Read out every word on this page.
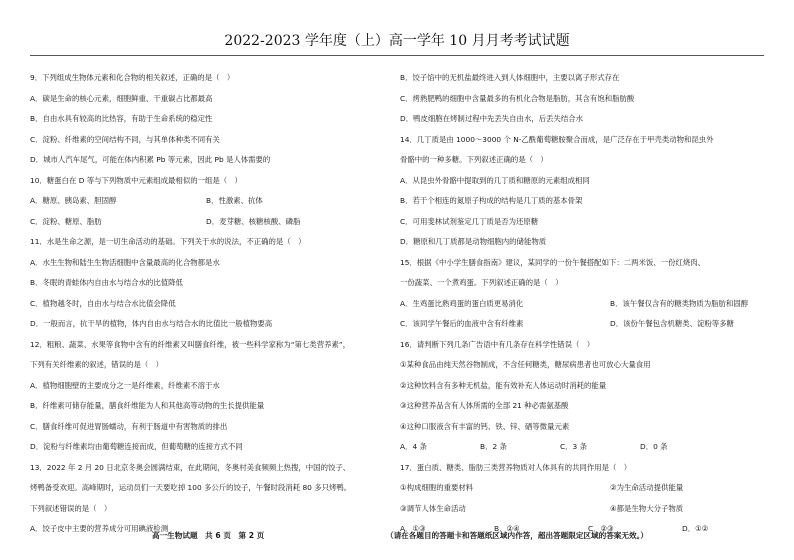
2022-2023 学年度（上）高一学年 10 月月考考试试题
9．下列组成生物体元素和化合物的相关叙述，正确的是（　）
A．碳是生命的核心元素，细胞鲜重、干重碳占比都最高
B．自由水具有较高的比热容，有助于生命系统的稳定性
C．淀粉、纤维素的空间结构不同，与其单体种类不同有关
D．城市人汽车尾气，可能在体内积累 Pb 等元素，因此 Pb 是人体需要的
10．糖蛋白在 D 等与下列物质中元素组成最相似的一组是（　）
A．糖原、胰岛素、胆固醇	B．性激素、抗体
C．淀粉、糖原、脂肪	D．麦芽糖、核糖核酸、磷脂
11．水是生命之源，是一切生命活动的基础。下列关于水的说法，不正确的是（　）
A．水生生物和陆生生物活细胞中含量最高的化合物都是水
B．冬眠的青蛙体内自由水与结合水的比值降低
C．植物越冬时，自由水与结合水比值会降低
D．一般而言，抗干旱的植物，体内自由水与结合水的比值比一般植物要高
12．粗粮、蔬菜、水果等食物中含有的纤维素又叫膳食纤维，被一些科学家称为“第七类营养素”，
下列有关纤维素的叙述，错误的是（　）
A．植物细胞壁的主要成分之一是纤维素，纤维素不溶于水
B．纤维素可储存能量，膳食纤维能为人和其他高等动物的生长提供能量
C．膳食纤维可促进胃肠蠕动，有利于肠道中有害物质的排出
D．淀粉与纤维素均由葡萄糖连接而成，但葡萄糖的连接方式不同
13．2022 年 2 月 20 日北京冬奥会圆满结束，在此期间，冬奥村美食频频上热搜，中国的饺子、
烤鸭备受欢迎。高峰期时，运动员们一天要吃掉 100 多公斤的饺子，午餐时段消耗 80 多只烤鸭。
下列叙述错误的是（　）
A．饺子皮中主要的营养成分可用碘液检测
B．饺子馅中的无机盐最终进入到人体细胞中，主要以离子形式存在
C．烤熟肥鸭的细胞中含量最多的有机化合物是脂肪，其含有饱和脂肪酸
D．鸭皮细胞在烤制过程中先丢失自由水，后丢失结合水
14．几丁质是由 1000～3000 个 N-乙酰葡萄糖胺聚合而成，是广泛存在于甲壳类动物和昆虫外
骨骼中的一种多糖。下列叙述正确的是（　）
A．从昆虫外骨骼中提取到的几丁质和糖原的元素组成相同
B．若干个相连的氮原子构成的结构是几丁质的基本骨架
C．可用斐林试剂鉴定几丁质是否为还原糖
D．糖原和几丁质都是动物细胞内的储能物质
15．根据《中小学生膳食指南》建议，某同学的一份午餐搭配如下：二两米饭、一份红烧肉、
一份蔬菜、一个煮鸡蛋。下列叙述正确的是（　）
A．生鸡蛋比熟鸡蛋的蛋白质更易消化	B．该午餐仅含有的糖类物质为脂肪和固醇
C．该同学午餐后的血液中含有纤维素	D．该份午餐包含机糖类、淀粉等多糖
16．请判断下列几条广告语中有几条存在科学性错误（　）
①某种食品由纯天然谷物制成，不含任何糖类，糖尿病患者也可放心大量食用
②这种饮料含有多种无机盐，能有效补充人体运动时消耗的能量
③这种营养品含有人体所需的全部 21 种必需氨基酸
④这种口服液含有丰富的钙、铁、锌、硒等微量元素
A．4 条	B．2 条	C．3 条	D．0 条
17．蛋白质、糖类、脂肪三类营养物质对人体具有的共同作用是（　）
①构成细胞的重要材料	②为生命活动提供能量
③调节人体生命活动	④都是生物大分子物质
A．①③	B．②④	C．②③	D．①②
高一生物试题　共 6 页　第 2 页	（请在各题目的答题卡和答题纸区域内作答，超出答题限定区域的答案无效。）
